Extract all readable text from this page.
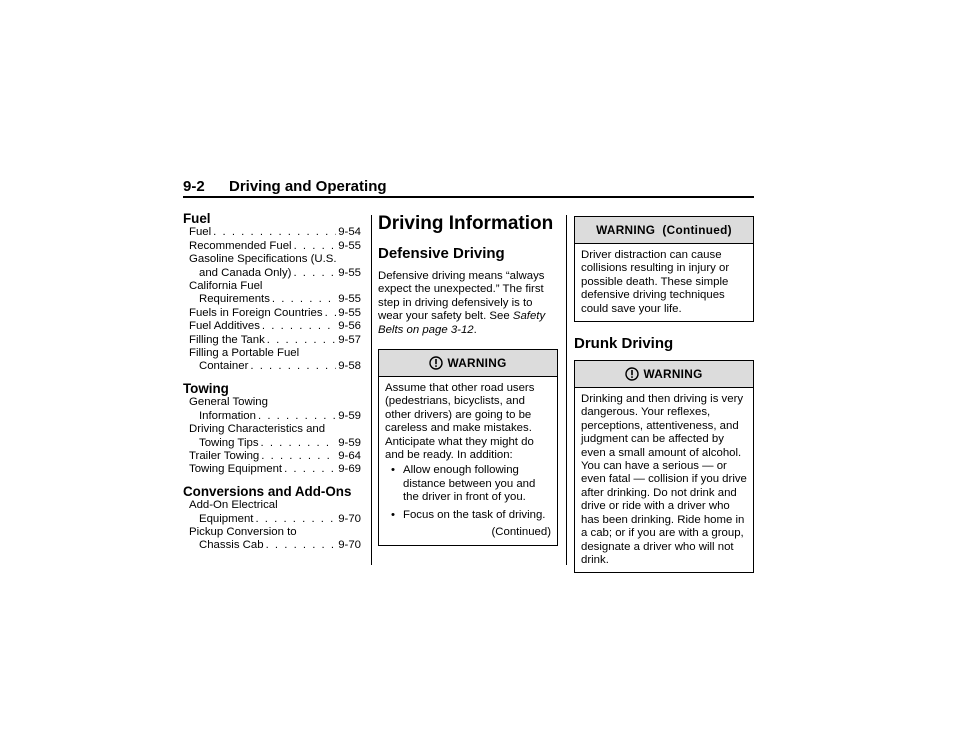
9-2 Driving and Operating
Fuel
Fuel . . .	9-54
Recommended Fuel . . .	9-55
Gasoline Specifications (U.S.
and Canada Only) . . .	9-55
California Fuel
Requirements . . .	9-55
Fuels in Foreign Countries . . . 9-55
Fuel Additives . . .	9-56
Filling the Tank . . .	9-57
Filling a Portable Fuel
Container . . .	9-58
Towing
General Towing
Information . . .	9-59
Driving Characteristics and
Towing Tips . . .	9-59
Trailer Towing . . .	9-64
Towing Equipment . . .	9-69
Conversions and Add-Ons
Add-On Electrical
Equipment . . .	9-70
Pickup Conversion to
Chassis Cab . . .	9-70
Driving Information
Defensive Driving

Defensive driving means “always expect the unexpected.” The first step in driving defensively is to wear your safety belt. See Safety Belts on page 3-12.

WARNING
Assume that other road users (pedestrians, bicyclists, and other drivers) are going to be careless and make mistakes. Anticipate what they might do and be ready. In addition:
• Allow enough following distance between you and the driver in front of you.
• Focus on the task of driving.
(Continued)
WARNING  (Continued)
Driver distraction can cause collisions resulting in injury or possible death. These simple defensive driving techniques could save your life.
Drunk Driving
WARNING
Drinking and then driving is very dangerous. Your reflexes, perceptions, attentiveness, and judgment can be affected by even a small amount of alcohol. You can have a serious — or even fatal — collision if you drive after drinking. Do not drink and drive or ride with a driver who has been drinking. Ride home in a cab; or if you are with a group, designate a driver who will not drink.
